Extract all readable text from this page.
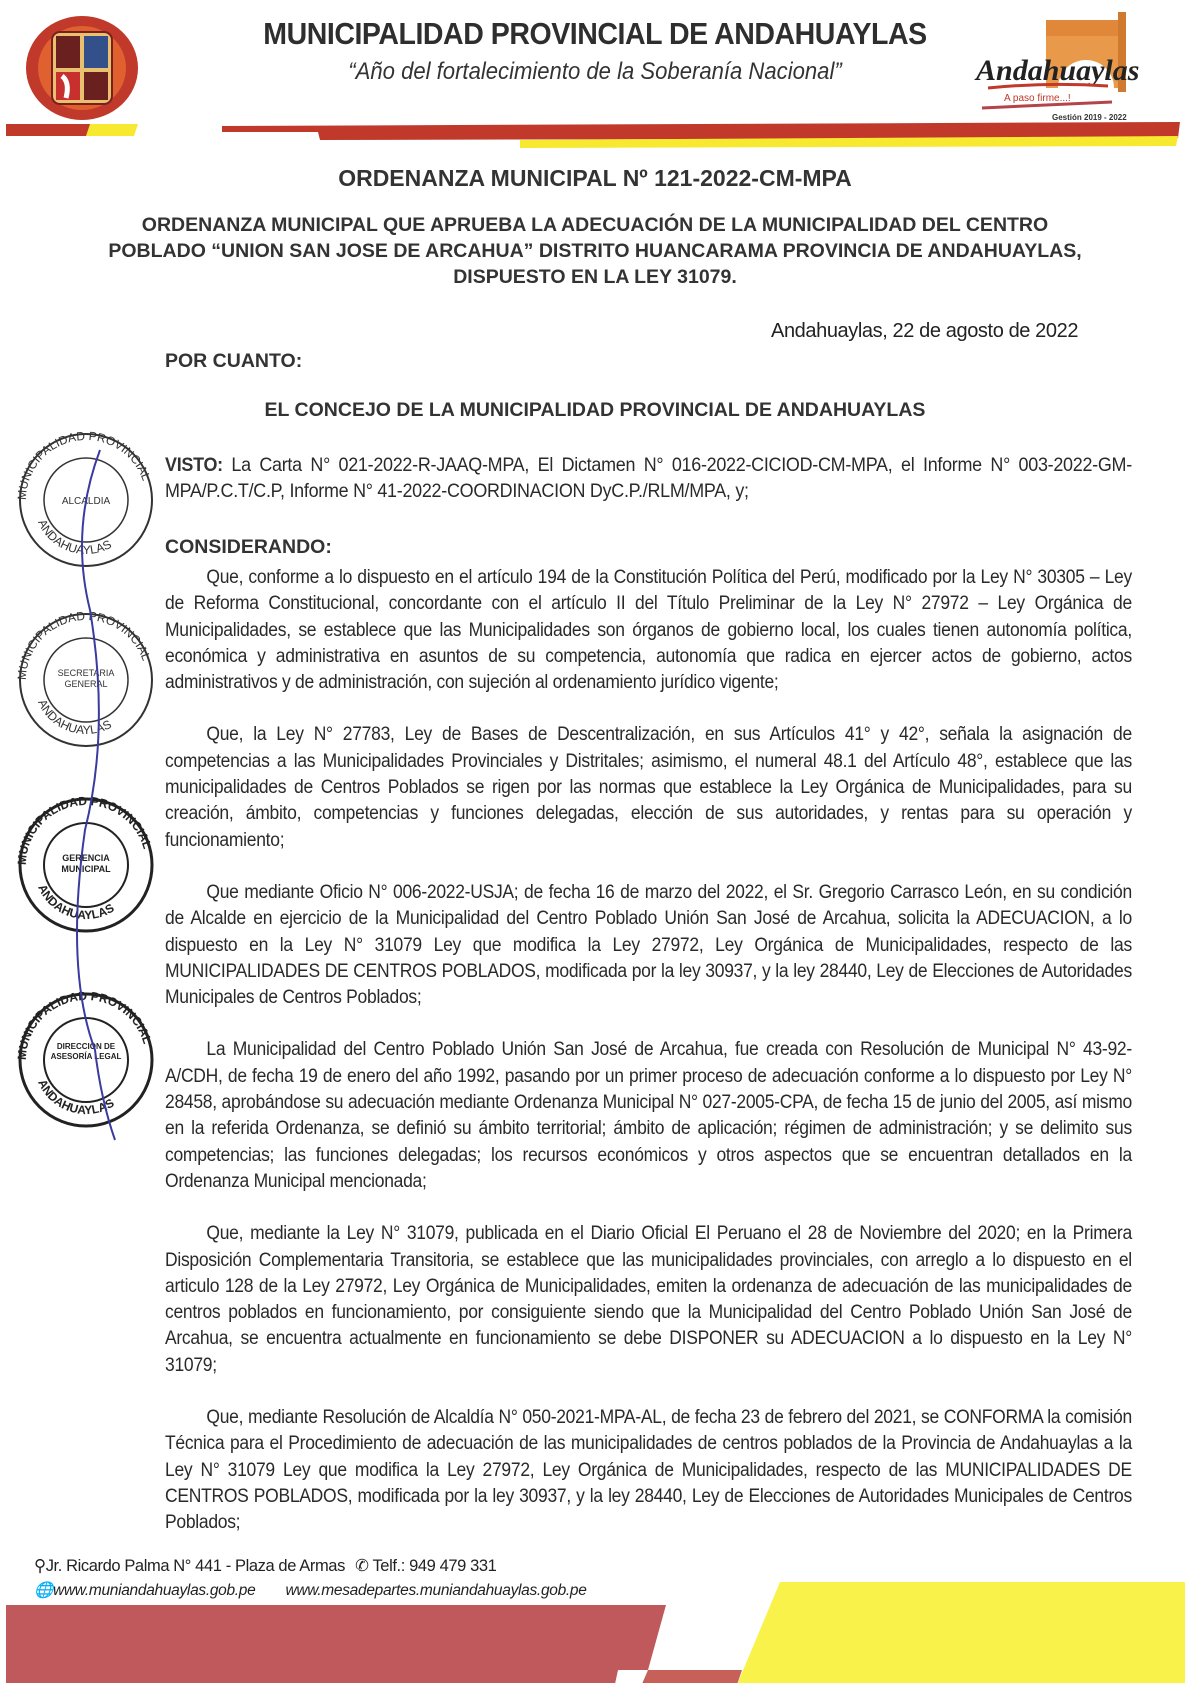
MUNICIPALIDAD PROVINCIAL DE ANDAHUAYLAS
“Año del fortalecimiento de la Soberanía Nacional”	Andahuaylas
A paso firme...!
Gestión 2019 - 2022
ORDENANZA MUNICIPAL Nº 121-2022-CM-MPA
ORDENANZA MUNICIPAL QUE APRUEBA LA ADECUACIÓN DE LA MUNICIPALIDAD DEL CENTRO
POBLADO “UNION SAN JOSE DE ARCAHUA” DISTRITO HUANCARAMA PROVINCIA DE ANDAHUAYLAS,
DISPUESTO EN LA LEY 31079.
Andahuaylas, 22 de agosto de 2022
POR CUANTO:
EL CONCEJO DE LA MUNICIPALIDAD PROVINCIAL DE ANDAHUAYLAS
VISTO: La Carta N° 021-2022-R-JAAQ-MPA, El Dictamen N° 016-2022-CICIOD-CM-MPA, el Informe N° 003-2022-GM-MPA/P.C.T/C.P, Informe N° 41-2022-COORDINACION DyC.P./RLM/MPA, y;
CONSIDERANDO:
Que, conforme a lo dispuesto en el artículo 194 de la Constitución Política del Perú, modificado por la Ley N° 30305 – Ley de Reforma Constitucional, concordante con el artículo II del Título Preliminar de la Ley N° 27972 – Ley Orgánica de Municipalidades, se establece que las Municipalidades son órganos de gobierno local, los cuales tienen autonomía política, económica y administrativa en asuntos de su competencia, autonomía que radica en ejercer actos de gobierno, actos administrativos y de administración, con sujeción al ordenamiento jurídico vigente;
Que, la Ley N° 27783, Ley de Bases de Descentralización, en sus Artículos 41° y 42°, señala la asignación de competencias a las Municipalidades Provinciales y Distritales; asimismo, el numeral 48.1 del Artículo 48°, establece que las municipalidades de Centros Poblados se rigen por las normas que establece la Ley Orgánica de Municipalidades, para su creación, ámbito, competencias y funciones delegadas, elección de sus autoridades, y rentas para su operación y funcionamiento;
Que mediante Oficio N° 006-2022-USJA; de fecha 16 de marzo del 2022, el Sr. Gregorio Carrasco León, en su condición de Alcalde en ejercicio de la Municipalidad del Centro Poblado Unión San José de Arcahua, solicita la ADECUACION, a lo dispuesto en la Ley N° 31079 Ley que modifica la Ley 27972, Ley Orgánica de Municipalidades, respecto de las MUNICIPALIDADES DE CENTROS POBLADOS, modificada por la ley 30937, y la ley 28440, Ley de Elecciones de Autoridades Municipales de Centros Poblados;
La Municipalidad del Centro Poblado Unión San José de Arcahua, fue creada con Resolución de Municipal N° 43-92-A/CDH, de fecha 19 de enero del año 1992, pasando por un primer proceso de adecuación conforme a lo dispuesto por Ley N° 28458, aprobándose su adecuación mediante Ordenanza Municipal N° 027-2005-CPA, de fecha 15 de junio del 2005, así mismo en la referida Ordenanza, se definió su ámbito territorial; ámbito de aplicación; régimen de administración; y se delimito sus competencias; las funciones delegadas; los recursos económicos y otros aspectos que se encuentran detallados en la Ordenanza Municipal mencionada;
Que, mediante la Ley N° 31079, publicada en el Diario Oficial El Peruano el 28 de Noviembre del 2020; en la Primera Disposición Complementaria Transitoria, se establece que las municipalidades provinciales, con arreglo a lo dispuesto en el articulo 128 de la Ley 27972, Ley Orgánica de Municipalidades, emiten la ordenanza de adecuación de las municipalidades de centros poblados en funcionamiento, por consiguiente siendo que la Municipalidad del Centro Poblado Unión San José de Arcahua, se encuentra actualmente en funcionamiento se debe DISPONER su ADECUACION a lo dispuesto en la Ley N° 31079;
Que, mediante Resolución de Alcaldía N° 050-2021-MPA-AL, de fecha 23 de febrero del 2021, se CONFORMA la comisión Técnica para el Procedimiento de adecuación de las municipalidades de centros poblados de la Provincia de Andahuaylas a la Ley N° 31079 Ley que modifica la Ley 27972, Ley Orgánica de Municipalidades, respecto de las MUNICIPALIDADES DE CENTROS POBLADOS, modificada por la ley 30937, y la ley 28440, Ley de Elecciones de Autoridades Municipales de Centros Poblados;
MUNICIPALIDAD PROVINCIAL
ALCALDIA
ANDAHUAYLAS
MUNICIPALIDAD PROVINCIAL
SECRETARIA GENERAL
ANDAHUAYLAS
MUNICIPALIDAD PROVINCIAL
GERENCIA MUNICIPAL
ANDAHUAYLAS
MUNICIPALIDAD PROVINCIAL
DIRECCIÓN DE ASESORÍA LEGAL
ANDAHUAYLAS
⚲Jr. Ricardo Palma N° 441 - Plaza de Armas ✆ Telf.: 949 479 331
🌐www.muniandahuaylas.gob.pe www.mesadepartes.muniandahuaylas.gob.pe
